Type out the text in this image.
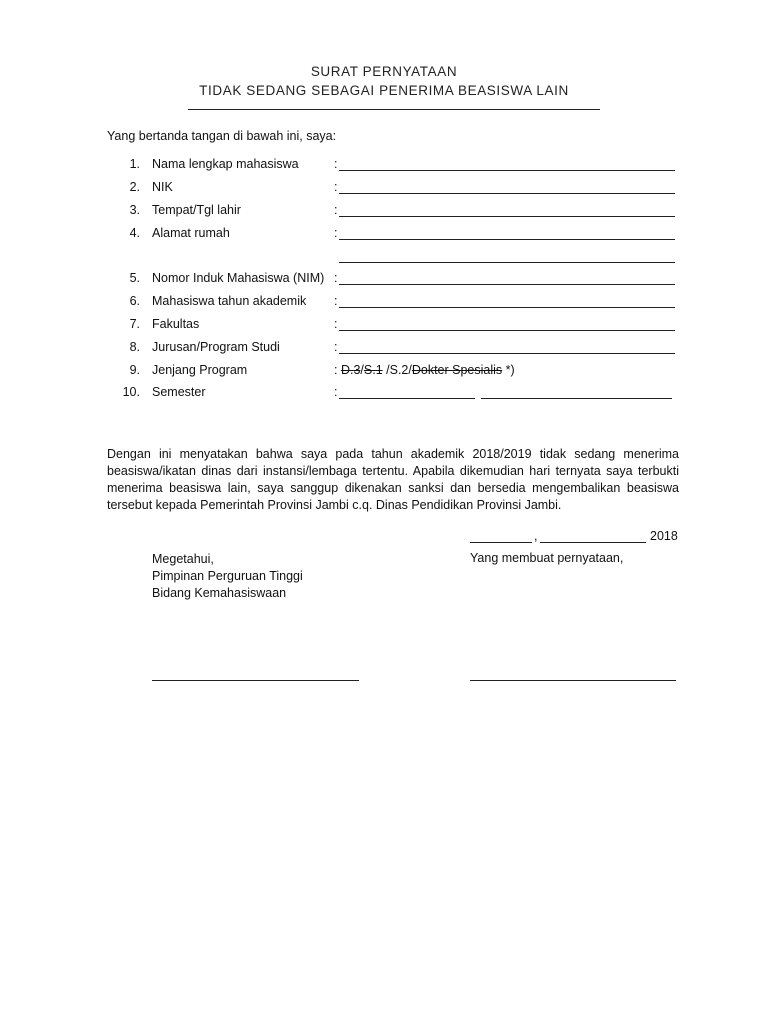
SURAT PERNYATAAN
TIDAK SEDANG SEBAGAI PENERIMA BEASISWA LAIN
Yang bertanda tangan di bawah ini, saya:
1. Nama lengkap mahasiswa	:
2. NIK	:
3. Tempat/Tgl lahir	:
4. Alamat rumah	:
5. Nomor Induk Mahasiswa (NIM) :
6. Mahasiswa tahun akademik :
7. Fakultas	:
8. Jurusan/Program Studi	:
9. Jenjang Program	: D.3/S.1 /S.2/Dokter Spesialis *)
10. Semester	:
Dengan ini menyatakan bahwa saya pada tahun akademik 2018/2019 tidak sedang menerima beasiswa/ikatan dinas dari instansi/lembaga tertentu. Apabila dikemudian hari ternyata saya terbukti menerima beasiswa lain, saya sanggup dikenakan sanksi dan bersedia mengembalikan beasiswa tersebut kepada Pemerintah Provinsi Jambi c.q. Dinas Pendidikan Provinsi Jambi.
,	2018
Megetahui,
Pimpinan Perguruan Tinggi
Bidang Kemahasiswaan
Yang membuat pernyataan,
